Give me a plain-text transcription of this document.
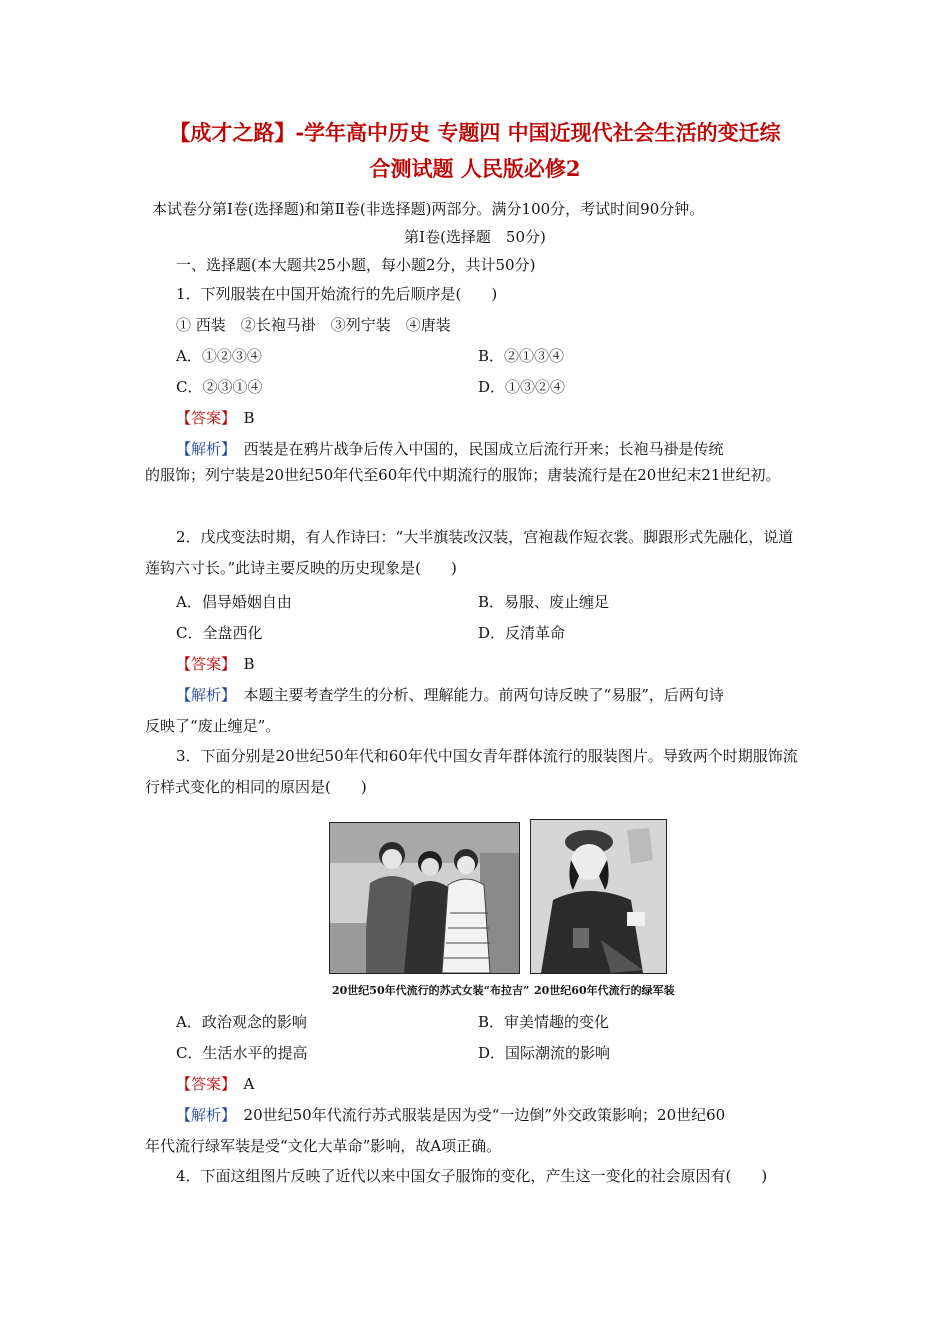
【成才之路】-学年高中历史 专题四 中国近现代社会生活的变迁综
合测试题 人民版必修2
本试卷分第Ⅰ卷(选择题)和第Ⅱ卷(非选择题)两部分。满分100分，考试时间90分钟。
第Ⅰ卷(选择题　50分)
一、选择题(本大题共25小题，每小题2分，共计50分)
1．下列服装在中国开始流行的先后顺序是(　　)
① 西装　②长袍马褂　③列宁装　④唐装
A．①②③④	B．②①③④
C．②③①④	D．①③②④
【答案】　 B
【解析】　 西装是在鸦片战争后传入中国的，民国成立后流行开来；长袍马褂是传统
的服饰；列宁装是20世纪50年代至60年代中期流行的服饰；唐装流行是在20世纪末21世纪初。
2．戊戌变法时期，有人作诗曰：“大半旗装改汉装，宫袍裁作短衣裳。脚跟形式先融化，说道莲钩六寸长。”此诗主要反映的历史现象是(　　)
A．倡导婚姻自由	B．易服、废止缠足
C．全盘西化	D．反清革命
【答案】　 B
【解析】　 本题主要考查学生的分析、理解能力。前两句诗反映了“易服”，后两句诗
反映了“废止缠足”。
3．下面分别是20世纪50年代和60年代中国女青年群体流行的服装图片。导致两个时期服饰流行样式变化的相同的原因是(　　)
20世纪50年代流行的苏式女装“布拉吉” 20世纪60年代流行的绿军装
A．政治观念的影响	B．审美情趣的变化
C．生活水平的提高	D．国际潮流的影响
【答案】　 A
【解析】　 20世纪50年代流行苏式服装是因为受“一边倒”外交政策影响；20世纪60
年代流行绿军装是受“文化大革命”影响，故A项正确。
4．下面这组图片反映了近代以来中国女子服饰的变化，产生这一变化的社会原因有(　　)
